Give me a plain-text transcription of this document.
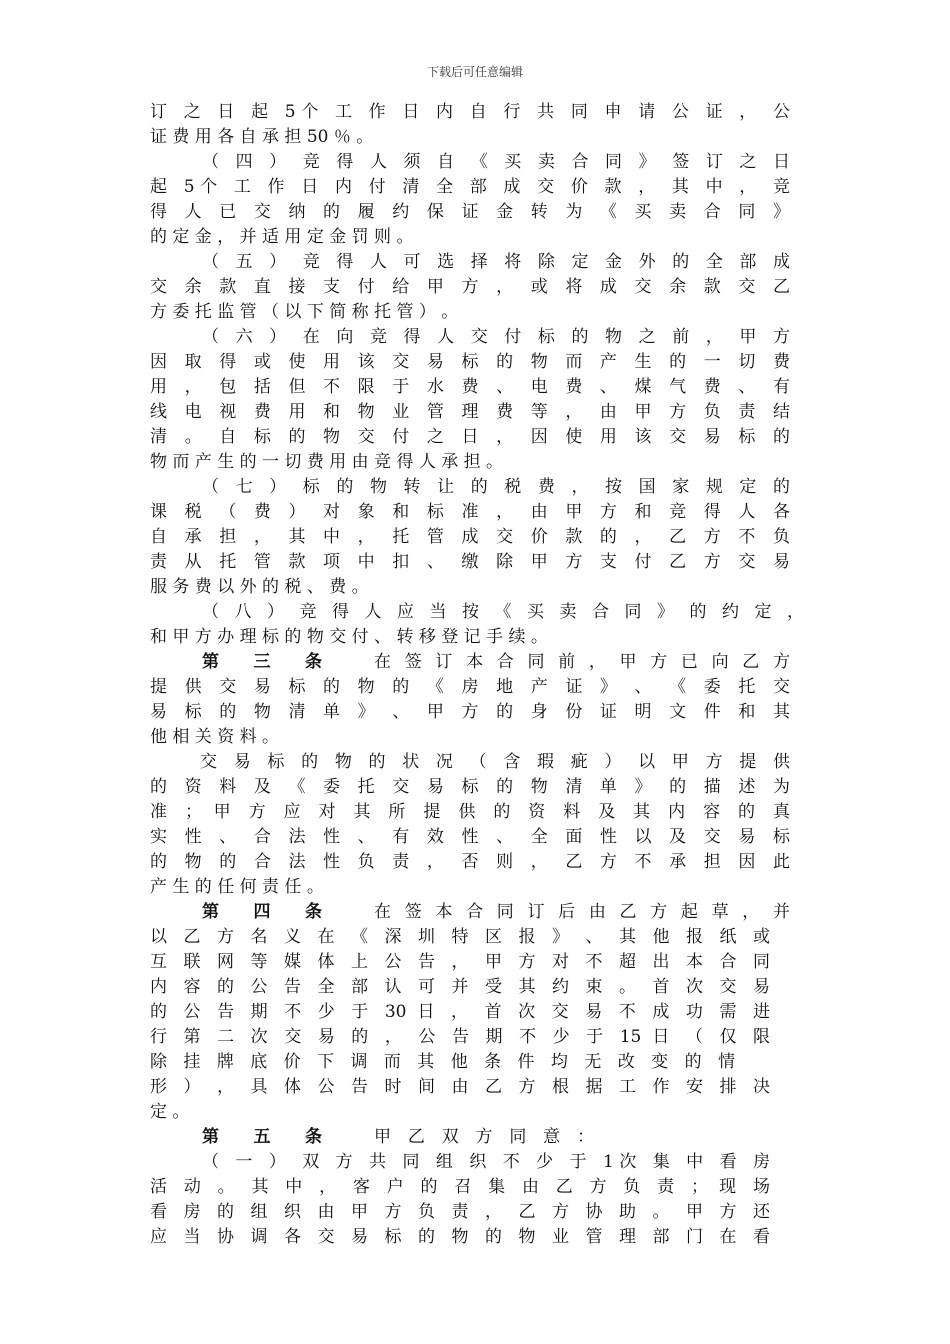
下载后可任意编辑
订 之 日 起 5个 工 作 日 内 自 行 共 同 申 请 公 证 ， 公
证 费 用 各 自 承 担 50 ％ 。
（ 四 ） 竞 得 人 须 自 《 买 卖 合 同 》 签 订 之 日
起 5个 工 作 日 内 付 清 全 部 成 交 价 款 ， 其 中 ， 竞
得 人 已 交 纳 的 履 约 保 证 金 转 为 《 买 卖 合 同 》
的 定 金 ， 并 适 用 定 金 罚 则 。
（ 五 ） 竞 得 人 可 选 择 将 除 定 金 外 的 全 部 成
交 余 款 直 接 支 付 给 甲 方 ， 或 将 成 交 余 款 交 乙
方 委 托 监 管 （ 以 下 简 称 托 管 ） 。
（ 六 ） 在 向 竞 得 人 交 付 标 的 物 之 前 ， 甲 方
因 取 得 或 使 用 该 交 易 标 的 物 而 产 生 的 一 切 费
用 ， 包 括 但 不 限 于 水 费 、 电 费 、 煤 气 费 、 有
线 电 视 费 用 和 物 业 管 理 费 等 ， 由 甲 方 负 责 结
清 。 自 标 的 物 交 付 之 日 ， 因 使 用 该 交 易 标 的
物 而 产 生 的 一 切 费 用 由 竞 得 人 承 担 。
（ 七 ） 标 的 物 转 让 的 税 费 ， 按 国 家 规 定 的
课 税 （ 费 ） 对 象 和 标 准 ， 由 甲 方 和 竞 得 人 各
自 承 担 ， 其 中 ， 托 管 成 交 价 款 的 ， 乙 方 不 负
责 从 托 管 款 项 中 扣 、 缴 除 甲 方 支 付 乙 方 交 易
服 务 费 以 外 的 税 、 费 。
（ 八 ） 竞 得 人 应 当 按 《 买 卖 合 同 》 的 约 定 ，
和 甲 方 办 理 标 的 物 交 付 、 转 移 登 记 手 续 。
第 三 条	在 签 订 本 合 同 前 ， 甲 方 已 向 乙 方
提 供 交 易 标 的 物 的 《 房 地 产 证 》 、 《 委 托 交
易 标 的 物 清 单 》 、 甲 方 的 身 份 证 明 文 件 和 其
他 相 关 资 料 。
交 易 标 的 物 的 状 况 （ 含 瑕 疵 ） 以 甲 方 提 供
的 资 料 及 《 委 托 交 易 标 的 物 清 单 》 的 描 述 为
准 ； 甲 方 应 对 其 所 提 供 的 资 料 及 其 内 容 的 真
实 性 、 合 法 性 、 有 效 性 、 全 面 性 以 及 交 易 标
的 物 的 合 法 性 负 责 ， 否 则 ， 乙 方 不 承 担 因 此
产 生 的 任 何 责 任 。
第 四 条	在 签 本 合 同 订 后 由 乙 方 起 草 ， 并
以 乙 方 名 义 在 《 深 圳 特 区 报 》 、 其 他 报 纸 或
互 联 网 等 媒 体 上 公 告 ， 甲 方 对 不 超 出 本 合 同
内 容 的 公 告 全 部 认 可 并 受 其 约 束 。 首 次 交 易
的 公 告 期 不 少 于 30 日 ， 首 次 交 易 不 成 功 需 进
行 第 二 次 交 易 的 ， 公 告 期 不 少 于 15 日 （ 仅 限
除 挂 牌 底 价 下 调 而 其 他 条 件 均 无 改 变 的 情
形 ） ， 具 体 公 告 时 间 由 乙 方 根 据 工 作 安 排 决
定 。
第 五 条	甲 乙 双 方 同 意 ：
（ 一 ） 双 方 共 同 组 织 不 少 于 1次 集 中 看 房
活 动 。 其 中 ， 客 户 的 召 集 由 乙 方 负 责 ； 现 场
看 房 的 组 织 由 甲 方 负 责 ， 乙 方 协 助 。 甲 方 还
应 当 协 调 各 交 易 标 的 物 的 物 业 管 理 部 门 在 看
